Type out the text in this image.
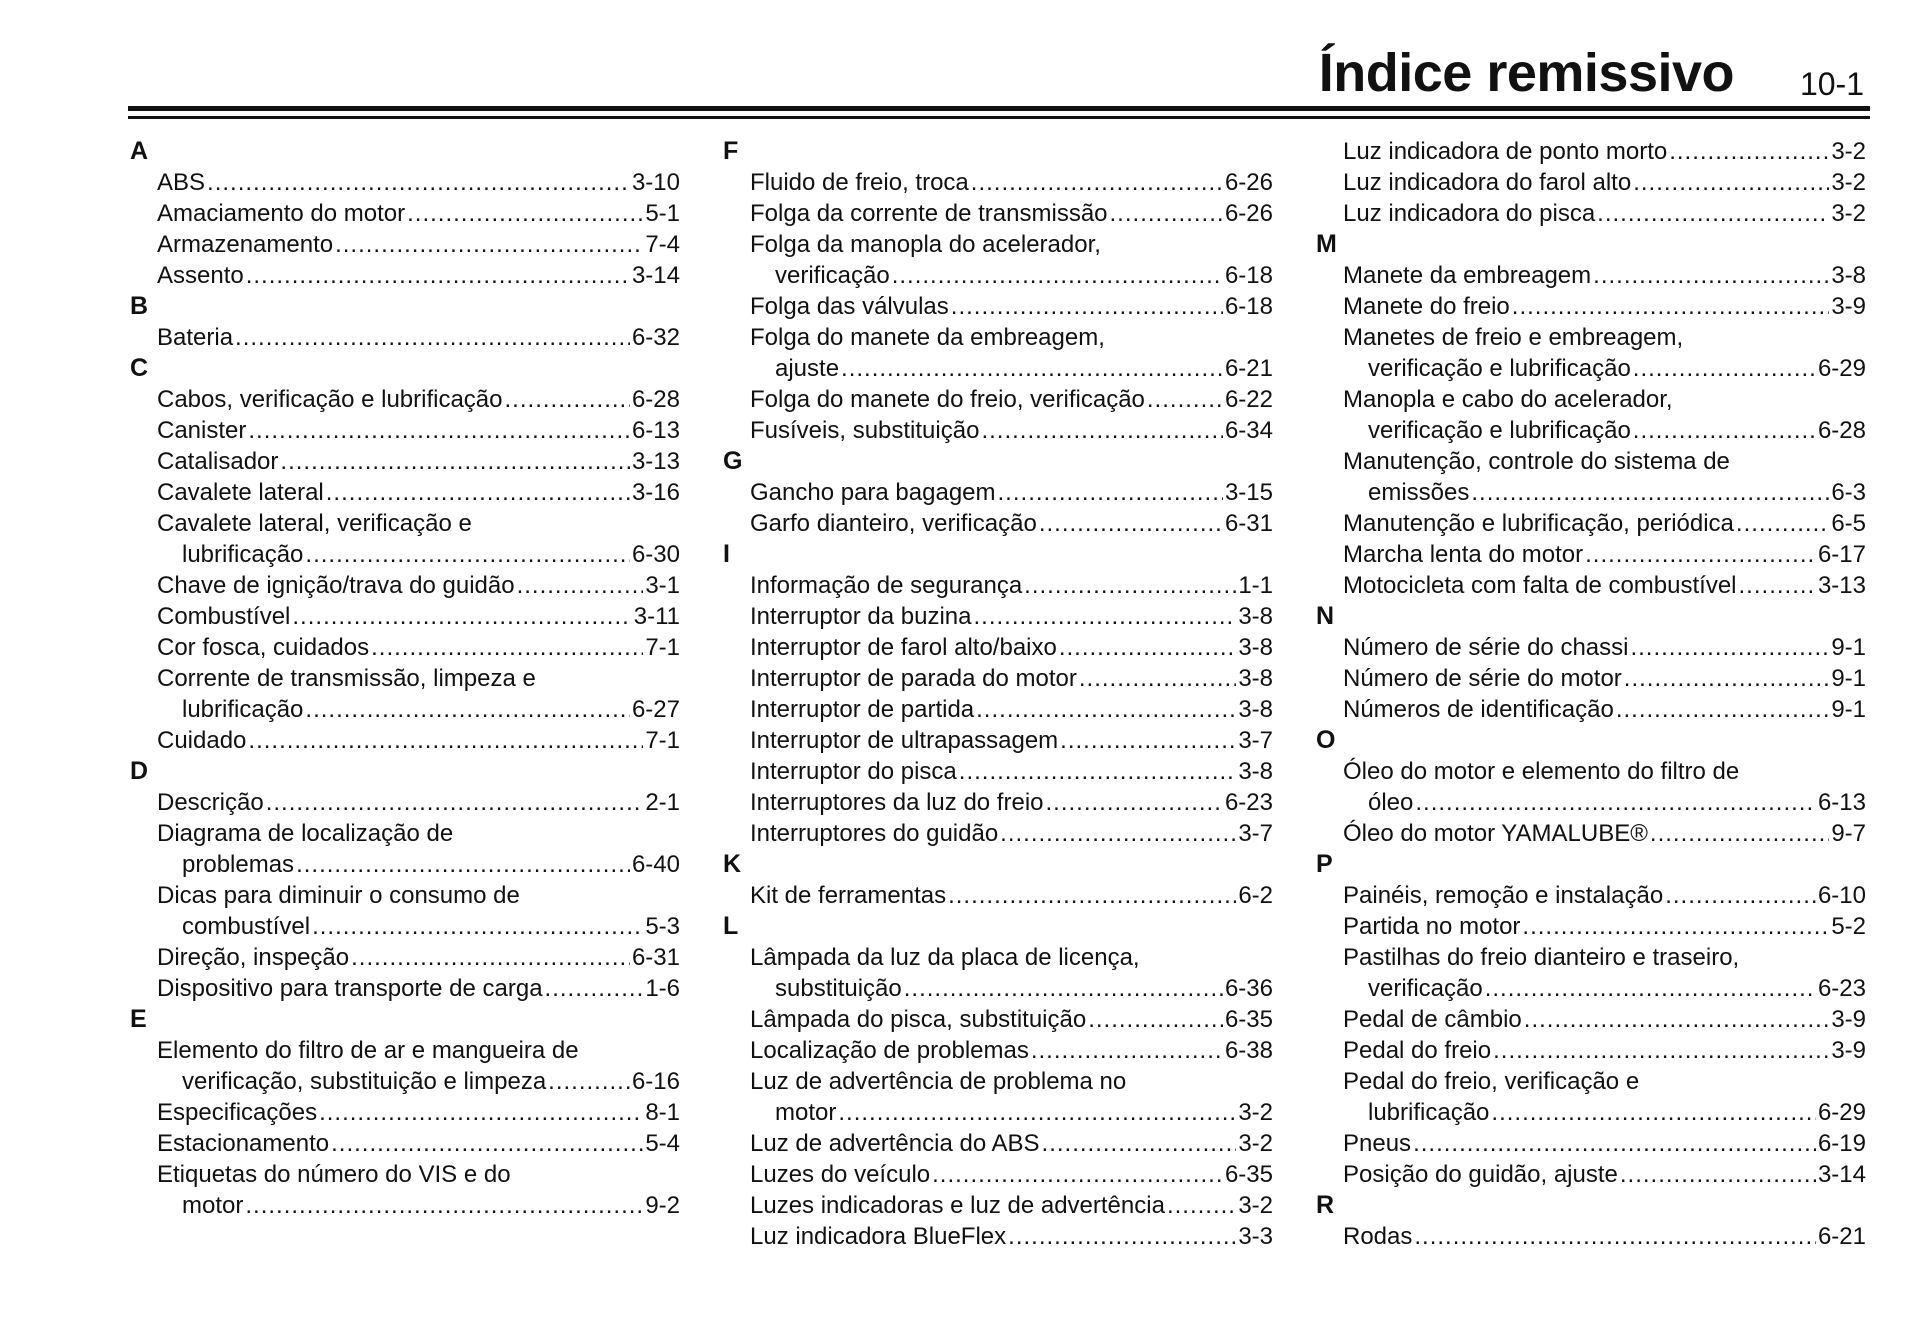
Índice remissivo 10-1
A
ABS .....	3-10
Amaciamento do motor .....	5-1
Armazenamento .....	7-4
Assento .....	3-14
B
Bateria .....	6-32
C
Cabos, verificação e lubrificação .....	6-28
Canister .....	6-13
Catalisador .....	3-13
Cavalete lateral .....	3-16
Cavalete lateral, verificação e
lubrificação .....	6-30
Chave de ignição/trava do guidão .....	3-1
Combustível .....	3-11
Cor fosca, cuidados .....	7-1
Corrente de transmissão, limpeza e
lubrificação .....	6-27
Cuidado .....	7-1
D
Descrição .....	2-1
Diagrama de localização de
problemas .....	6-40
Dicas para diminuir o consumo de
combustível .....	5-3
Direção, inspeção .....	6-31
Dispositivo para transporte de carga .....	1-6
E
Elemento do filtro de ar e mangueira de
verificação, substituição e limpeza .....	6-16
Especificações .....	8-1
Estacionamento .....	5-4
Etiquetas do número do VIS e do
motor .....	9-2
F
Fluido de freio, troca .....	6-26
Folga da corrente de transmissão .....	6-26
Folga da manopla do acelerador,
verificação .....	6-18
Folga das válvulas .....	6-18
Folga do manete da embreagem,
ajuste .....	6-21
Folga do manete do freio, verificação .....	6-22
Fusíveis, substituição .....	6-34
G
Gancho para bagagem .....	3-15
Garfo dianteiro, verificação .....	6-31
I
Informação de segurança .....	1-1
Interruptor da buzina .....	3-8
Interruptor de farol alto/baixo .....	3-8
Interruptor de parada do motor .....	3-8
Interruptor de partida .....	3-8
Interruptor de ultrapassagem .....	3-7
Interruptor do pisca .....	3-8
Interruptores da luz do freio .....	6-23
Interruptores do guidão .....	3-7
K
Kit de ferramentas .....	6-2
L
Lâmpada da luz da placa de licença,
substituição .....	6-36
Lâmpada do pisca, substituição .....	6-35
Localização de problemas .....	6-38
Luz de advertência de problema no
motor .....	3-2
Luz de advertência do ABS .....	3-2
Luzes do veículo .....	6-35
Luzes indicadoras e luz de advertência .....	3-2
Luz indicadora BlueFlex .....	3-3
Luz indicadora de ponto morto .....	3-2
Luz indicadora do farol alto .....	3-2
Luz indicadora do pisca .....	3-2
M
Manete da embreagem .....	3-8
Manete do freio .....	3-9
Manetes de freio e embreagem,
verificação e lubrificação .....	6-29
Manopla e cabo do acelerador,
verificação e lubrificação .....	6-28
Manutenção, controle do sistema de
emissões .....	6-3
Manutenção e lubrificação, periódica .....	6-5
Marcha lenta do motor .....	6-17
Motocicleta com falta de combustível .....	3-13
N
Número de série do chassi .....	9-1
Número de série do motor .....	9-1
Números de identificação .....	9-1
O
Óleo do motor e elemento do filtro de
óleo .....	6-13
Óleo do motor YAMALUBE® .....	9-7
P
Painéis, remoção e instalação .....	6-10
Partida no motor .....	5-2
Pastilhas do freio dianteiro e traseiro,
verificação .....	6-23
Pedal de câmbio .....	3-9
Pedal do freio .....	3-9
Pedal do freio, verificação e
lubrificação .....	6-29
Pneus .....	6-19
Posição do guidão, ajuste .....	3-14
R
Rodas .....	6-21
